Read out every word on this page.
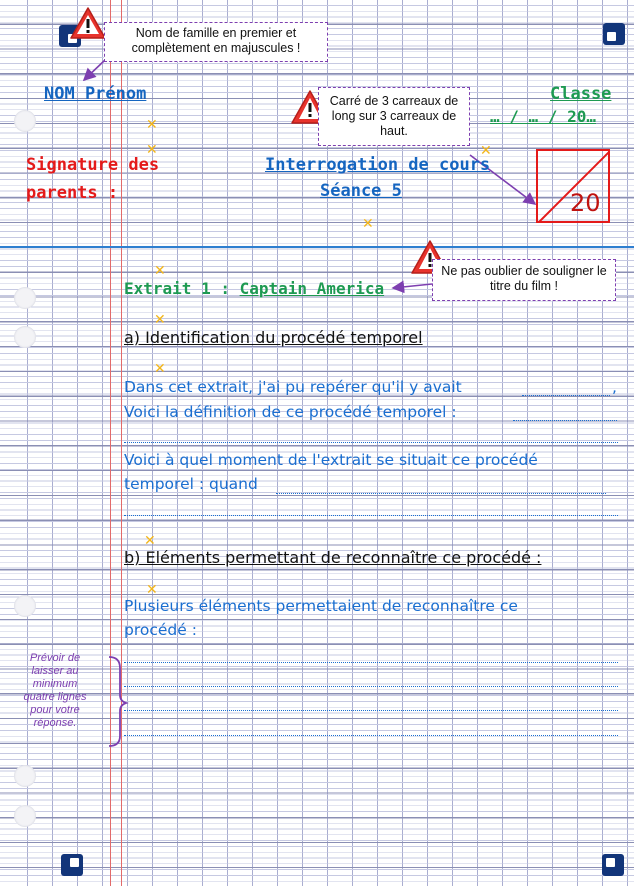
Nom de famille en premier et complètement en majuscules !
Carré de 3 carreaux de long sur 3 carreaux de haut.
Ne pas oublier de souligner le titre du film !
NOM Prénom	Classe
… / … / 20…
Signature des
parents :
Interrogation de cours
Séance 5	20
✕
✕	✕
✕
✕
✕
✕
✕
✕
Extrait 1 : Captain America
a) Identification du procédé temporel
Dans cet extrait, j'ai pu repérer qu'il y avait	,
Voici la définition de ce procédé temporel :
Voici à quel moment de l'extrait se situait ce procédé
temporel : quand
b) Eléments permettant de reconnaître ce procédé :
Plusieurs éléments permettaient de reconnaître ce
procédé :
Prévoir de laisser au minimum quatre lignes pour votre réponse.
